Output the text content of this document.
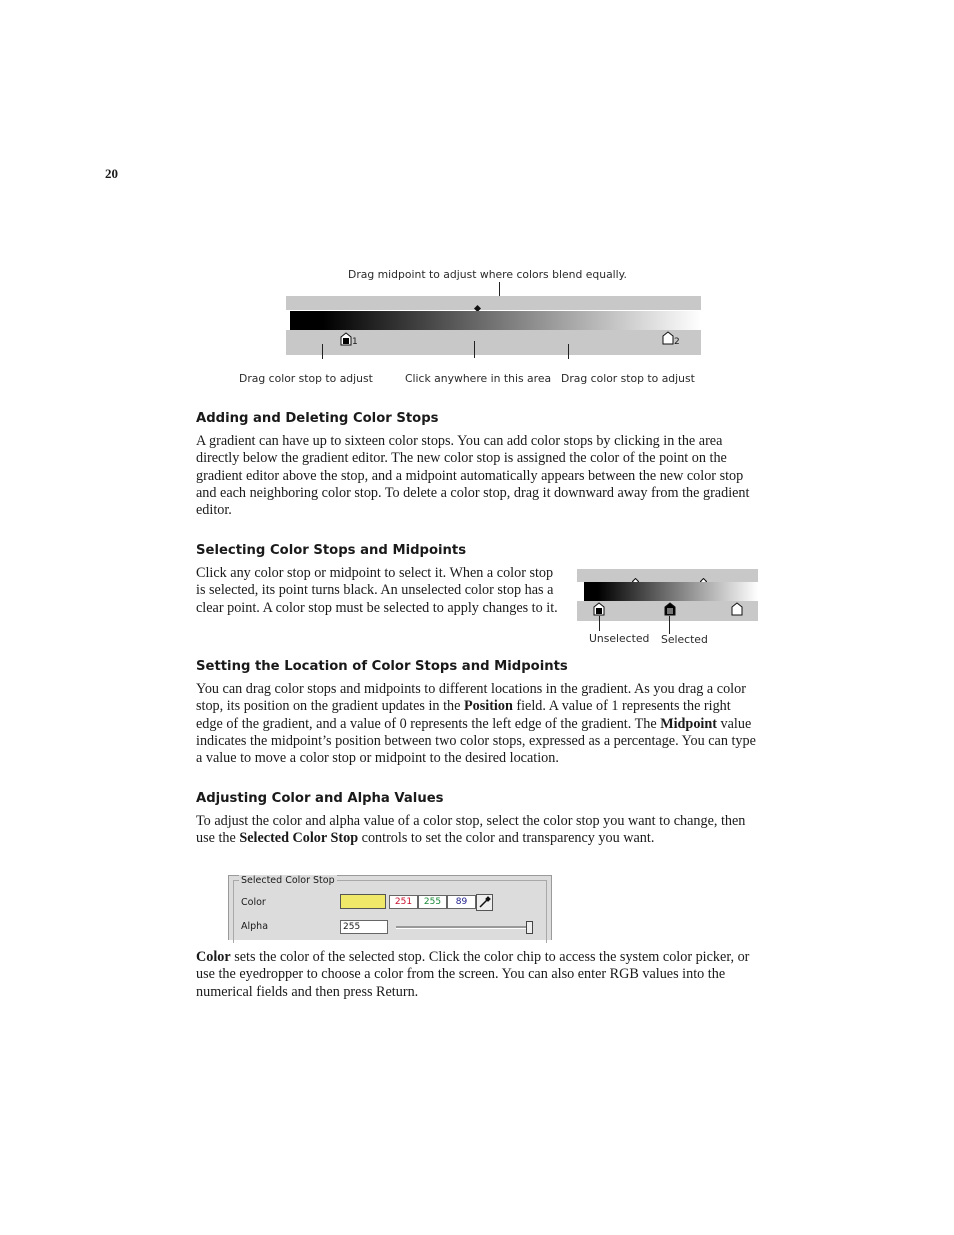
20
Drag midpoint to adjust where colors blend equally.
1	2
Drag color stop to adjust	Click anywhere in this area Drag color stop to adjust
Adding and Deleting Color Stops
A gradient can have up to sixteen color stops. You can add color stops by clicking in the area directly below the gradient editor. The new color stop is assigned the color of the point on the gradient editor above the stop, and a midpoint automatically appears between the new color stop and each neighboring color stop. To delete a color stop, drag it downward away from the gradient editor.
Selecting Color Stops and Midpoints
Click any color stop or midpoint to select it. When a color stop is selected, its point turns black. An unselected color stop has a clear point. A color stop must be selected to apply changes to it.
Unselected Selected
Setting the Location of Color Stops and Midpoints
You can drag color stops and midpoints to different locations in the gradient. As you drag a color stop, its position on the gradient updates in the Position field. A value of 1 represents the right edge of the gradient, and a value of 0 represents the left edge of the gradient. The Midpoint value indicates the midpoint’s position between two color stops, expressed as a percentage. You can type a value to move a color stop or midpoint to the desired location.
Adjusting Color and Alpha Values
To adjust the color and alpha value of a color stop, select the color stop you want to change, then use the Selected Color Stop controls to set the color and transparency you want.
Selected Color Stop
Color	251	255	89
Alpha	255
Color sets the color of the selected stop. Click the color chip to access the system color picker, or use the eyedropper to choose a color from the screen. You can also enter RGB values into the numerical fields and then press Return.
